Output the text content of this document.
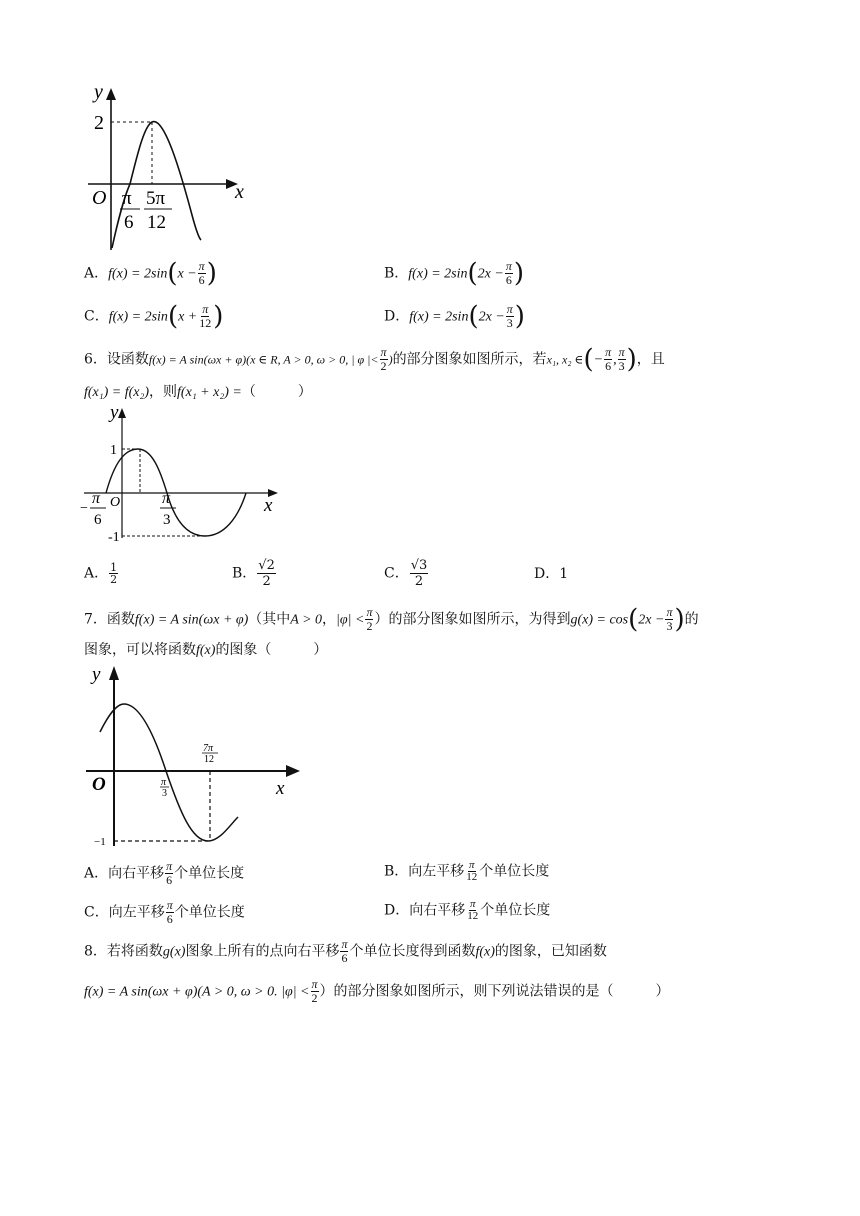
y
x
O
2
π
6
5π
12
A．$f(x) = 2\sin(x - \frac{\pi}{6}$ )	B．$f(x) = 2\sin(2x - \frac{\pi}{6}$ )
C．$f(x) = 2\sin(x + \frac{\pi}{12}$ )	D．$f(x) = 2\sin(2x - \frac{\pi}{3}$ )
6．设函数f(x) = A sin(ωx + φ)(x ∈ R, A > 0, ω > 0, | φ |< $\frac{\pi}{2}$ )的部分图象如图所示，若x₁, x₂ ∈(− $\frac{\pi}{6}$ , $\frac{\pi}{3}$ )，且
f(x₁) = f(x₂)，则f(x₁ + x₂) =（　　　）
y
x
O
1
-1
−
π
6
π
3
A． $\frac{1}{2}$	B． $\frac{√2}{2}$	C． $\frac{√3}{2}$	D．1
7．函数f(x) = A sin(ωx + φ)（其中A > 0，$|\varphi| < \frac{\pi}{2}$ ）的部分图象如图所示，为得到$g(x) = \cos(2x - \frac{\pi}{3}$ )的
图象，可以将函数f(x)的图象（　　　）
y
x
O	π
3
7π
12
−1
A．向右平移 $\frac{\pi}{6}$ 个单位长度	B．向左平移 $\frac{\pi}{12}$ 个单位长度
C．向左平移 $\frac{\pi}{6}$ 个单位长度	D．向右平移 $\frac{\pi}{12}$ 个单位长度
8．若将函数g(x)图象上所有的点向右平移 $\frac{\pi}{6}$ 个单位长度得到函数f(x)的图象，已知函数
f(x) = A sin(ωx + φ)(A > 0, ω > 0. $|\varphi| < \frac{\pi}{2}$ ）的部分图象如图所示，则下列说法错误的是（　　　）
